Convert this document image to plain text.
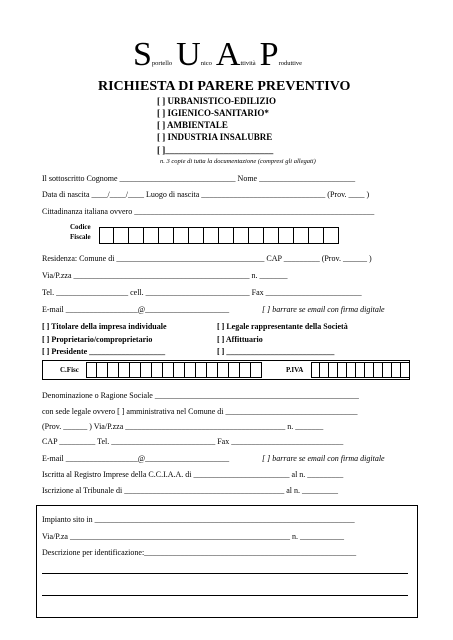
Sportello Unico Attività Produttive
RICHIESTA DI PARERE PREVENTIVO
[ ] URBANISTICO-EDILIZIO
[ ] IGIENICO-SANITARIO*
[ ] AMBIENTALE
[ ] INDUSTRIA INSALUBRE
[ ]________________________
n. 3 copie di tutta la documentazione (compresi gli allegati)
Il sottoscritto Cognome _____________________________ Nome ________________________
Data di nascita ____/____/____ Luogo di nascita _______________________________ (Prov. ____ )
Cittadinanza italiana ovvero ____________________________________________________________
Codice
Fiscale
Residenza: Comune di _____________________________________ CAP _________ (Prov. ______ )
Via/P.zza ____________________________________________ n. _______
Tel. __________________ cell. __________________________ Fax ________________________
E-mail __________________@_____________________	[ ] barrare se email con firma digitale
[ ] Titolare della impresa individuale	[ ] Legale rappresentante della Società
[ ] Proprietario/comproprietario	[ ] Affittuario
[ ] Presidente ___________________	[ ] ___________________________
C.Fisc	P.IVA
Denominazione o Ragione Sociale ___________________________________________________
con sede legale ovvero [ ] amministrativa nel Comune di _________________________________
(Prov. ______ ) Via/P.zza ________________________________________ n. _______
CAP _________ Tel. __________________________ Fax ____________________________
E-mail __________________@_____________________	[ ] barrare se email con firma digitale
Iscritta al Registro Imprese della C.C.I.A.A. di ________________________ al n. _________
Iscrizione al Tribunale di ________________________________________ al n. _________
Impianto sito in _________________________________________________________________
Via/P.za _______________________________________________________ n. ___________
Descrizione per identificazione:_____________________________________________________
